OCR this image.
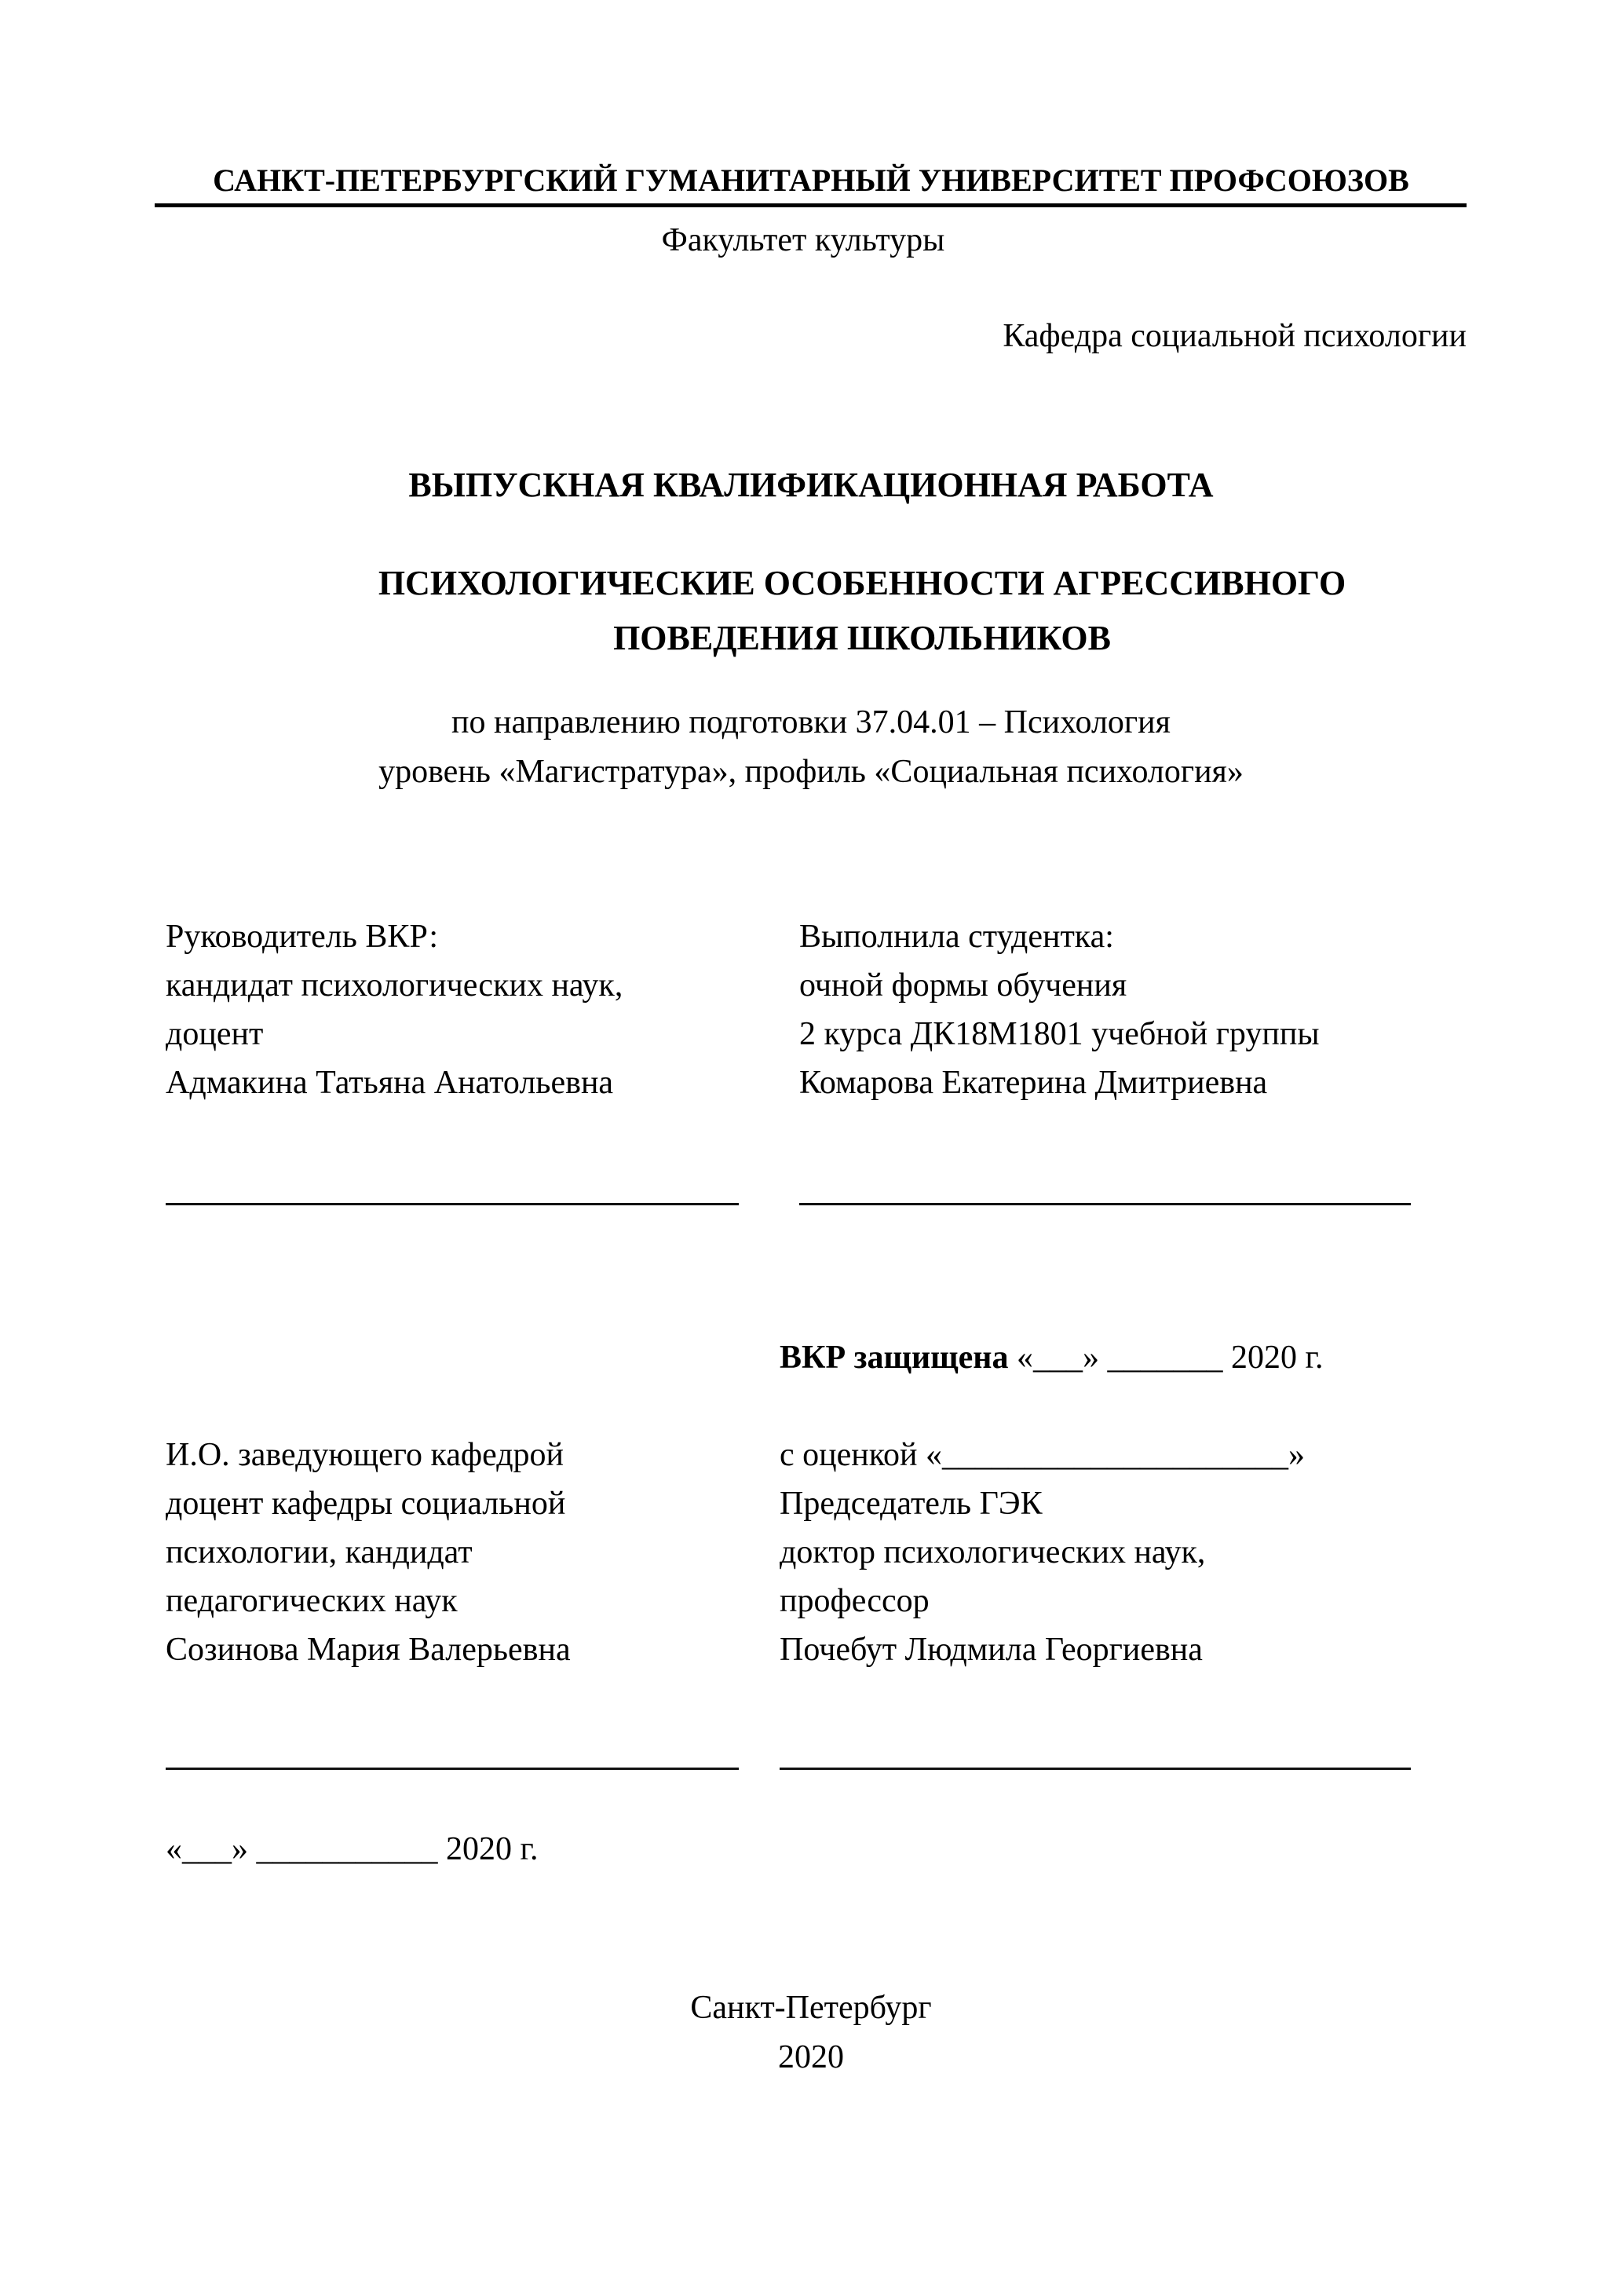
САНКТ-ПЕТЕРБУРГСКИЙ ГУМАНИТАРНЫЙ УНИВЕРСИТЕТ ПРОФСОЮЗОВ
Факультет культуры
Кафедра социальной психологии
ВЫПУСКНАЯ КВАЛИФИКАЦИОННАЯ РАБОТА
ПСИХОЛОГИЧЕСКИЕ ОСОБЕННОСТИ АГРЕССИВНОГО
ПОВЕДЕНИЯ ШКОЛЬНИКОВ
по направлению подготовки 37.04.01 – Психология
уровень «Магистратура», профиль «Социальная психология»
Руководитель ВКР:
кандидат психологических наук,
доцент
Адмакина Татьяна Анатольевна
Выполнила студентка:
очной формы обучения
2 курса ДК18М1801 учебной группы
Комарова Екатерина Дмитриевна
ВКР защищена «___» _______ 2020 г.
И.О. заведующего кафедрой
доцент кафедры социальной
психологии, кандидат
педагогических наук
Созинова Мария Валерьевна
с оценкой «_____________________»
Председатель ГЭК
доктор психологических наук,
профессор
Почебут Людмила Георгиевна
«___» ___________ 2020 г.
Санкт-Петербург
2020
